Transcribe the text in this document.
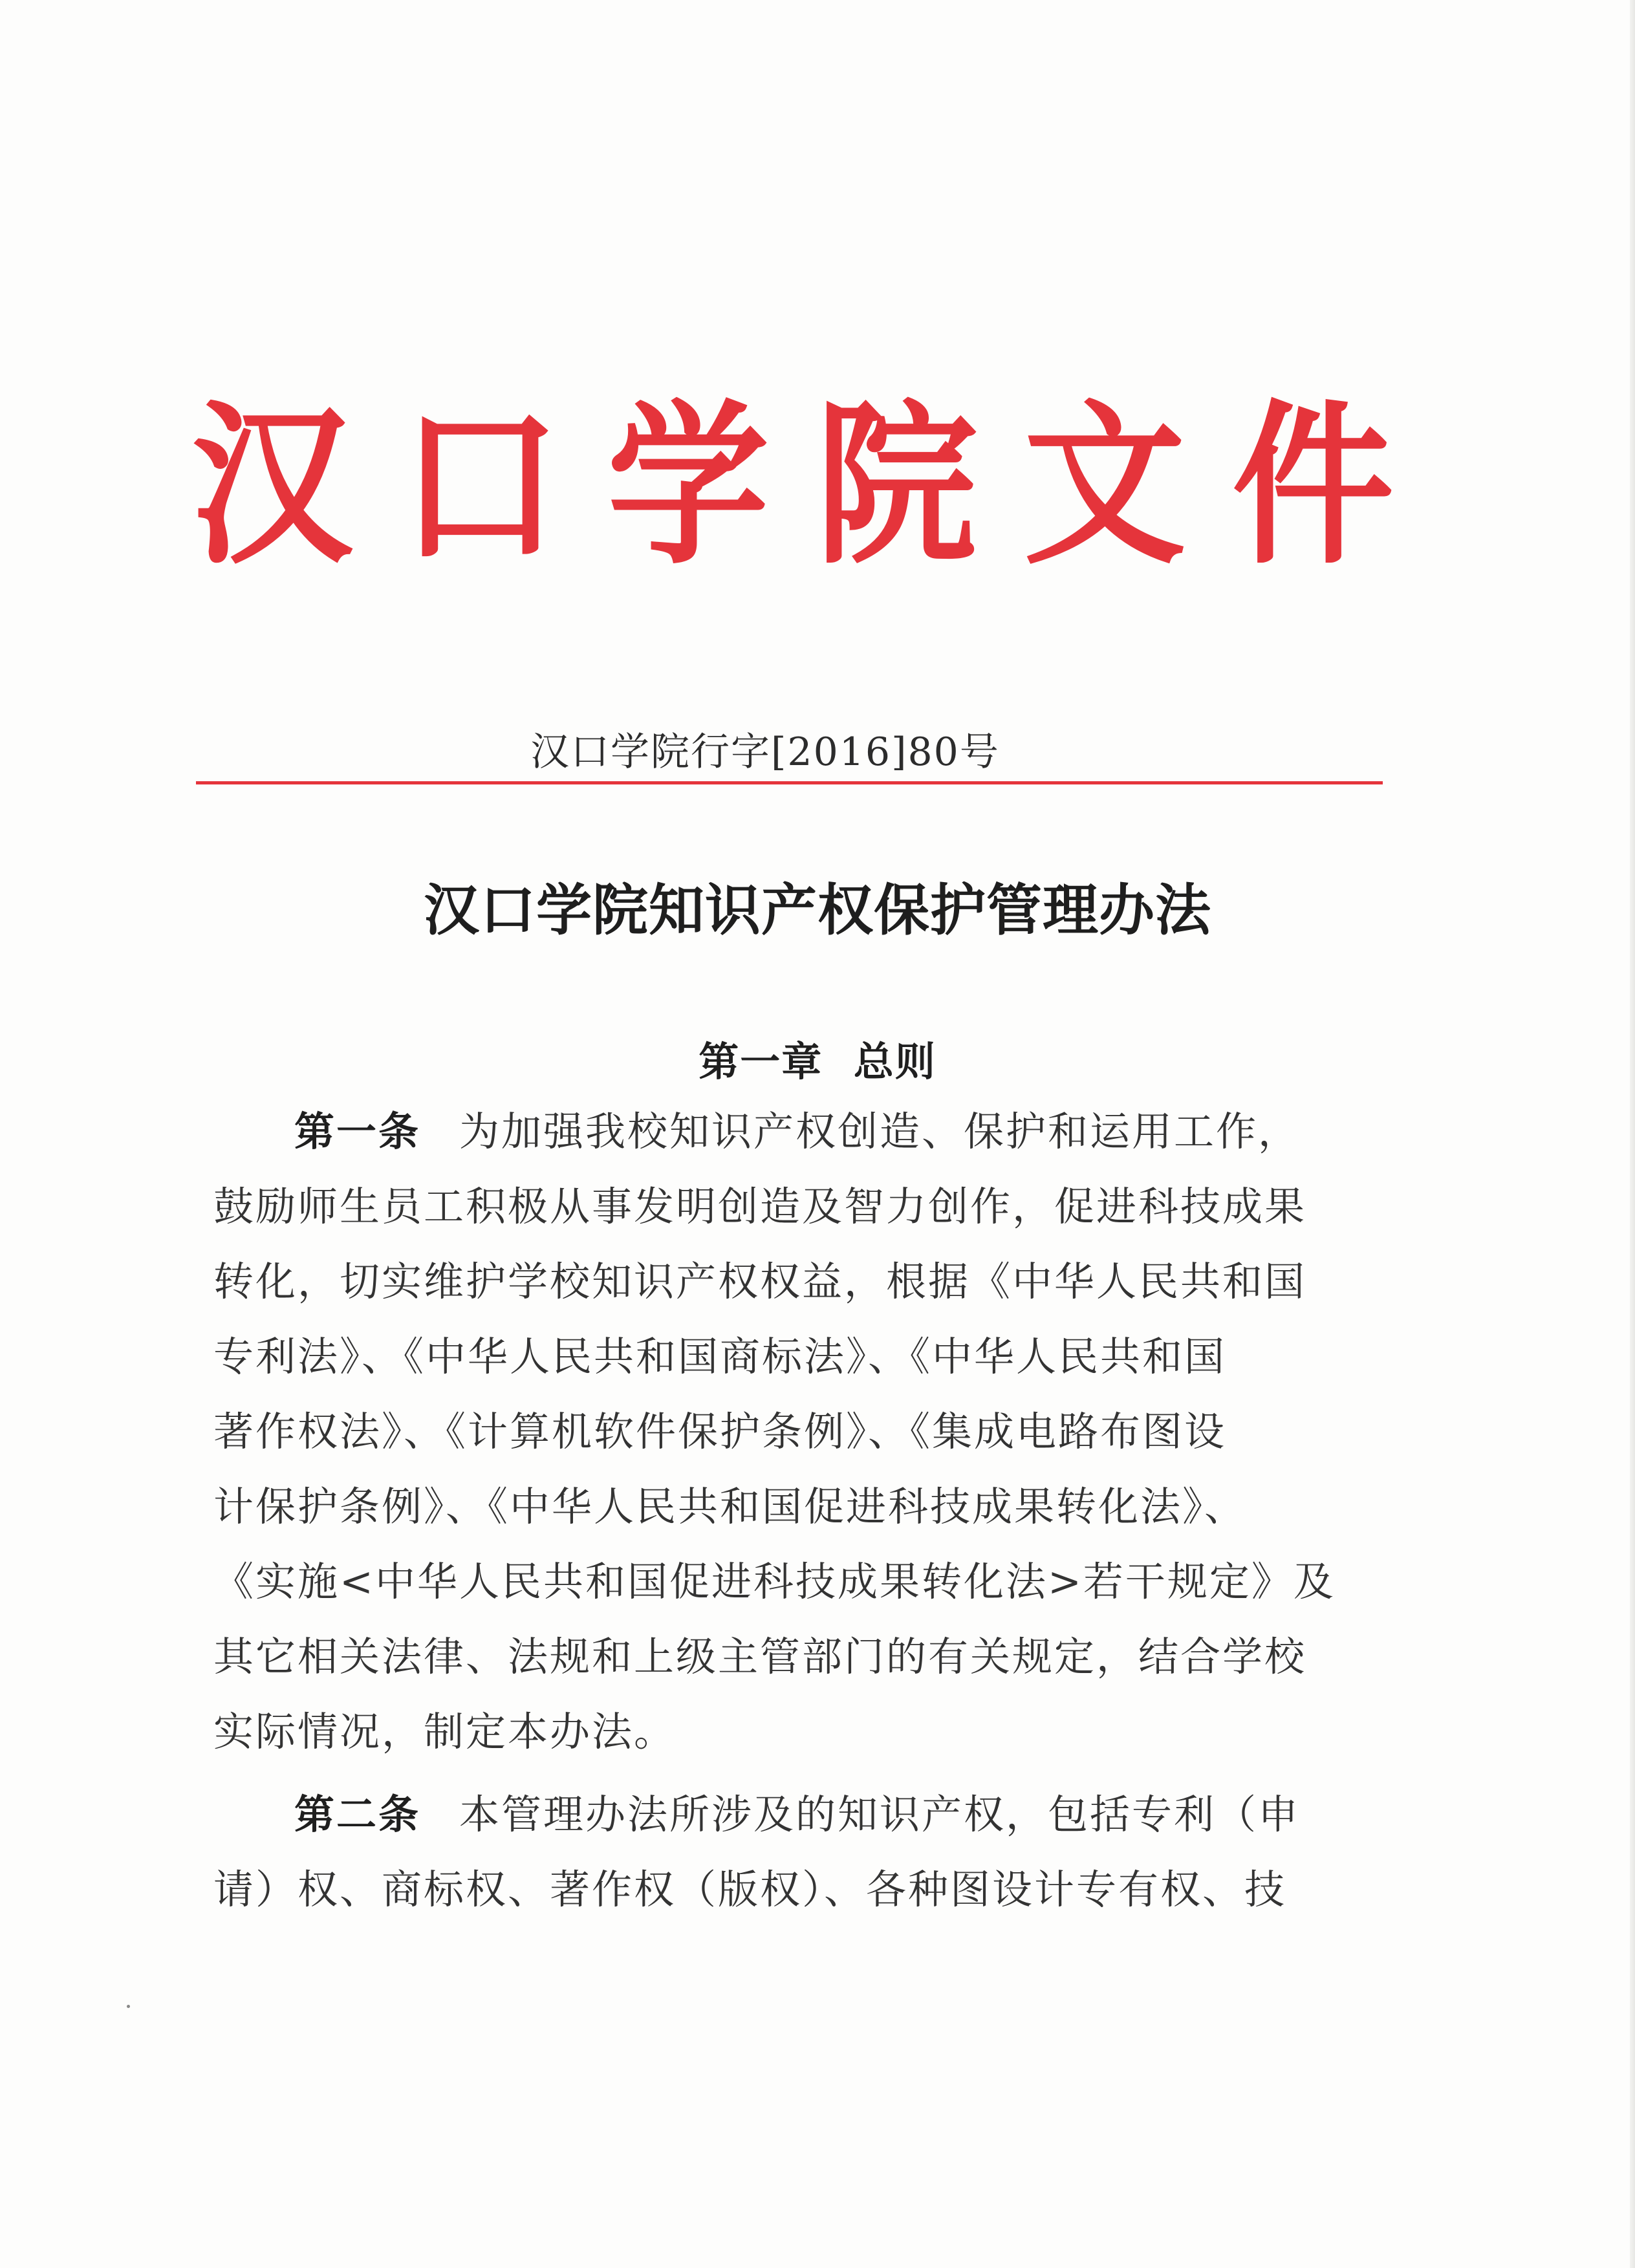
汉 口 学 院 文 件
汉口学院行字[2016]80号
汉口学院知识产权保护管理办法
第一章 总则
第一条 为加强我校知识产权创造、保护和运用工作，
鼓励师生员工积极从事发明创造及智力创作，促进科技成果
转化，切实维护学校知识产权权益，根据《中华人民共和国
专利法》、《中华人民共和国商标法》、《中华人民共和国
著作权法》、《计算机软件保护条例》、《集成电路布图设
计保护条例》、《中华人民共和国促进科技成果转化法》、
《实施<中华人民共和国促进科技成果转化法>若干规定》及
其它相关法律、法规和上级主管部门的有关规定，结合学校
实际情况，制定本办法。
第二条 本管理办法所涉及的知识产权，包括专利（申
请）权、商标权、著作权（版权）、各种图设计专有权、技
